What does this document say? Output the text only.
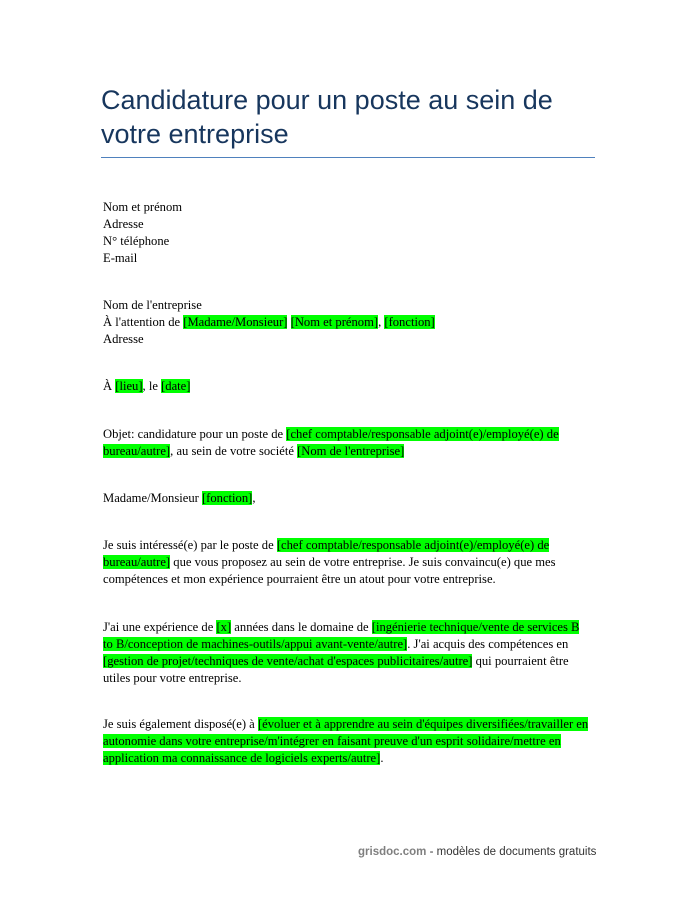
Candidature pour un poste au sein de votre entreprise
Nom et prénom
Adresse
N° téléphone
E-mail
Nom de l'entreprise
À l'attention de [Madame/Monsieur] [Nom et prénom], [fonction]
Adresse
À [lieu], le [date]
Objet: candidature pour un poste de [chef comptable/responsable adjoint(e)/employé(e) de bureau/autre], au sein de votre société [Nom de l'entreprise]
Madame/Monsieur [fonction],
Je suis intéressé(e) par le poste de [chef comptable/responsable adjoint(e)/employé(e) de bureau/autre] que vous proposez au sein de votre entreprise. Je suis convaincu(e) que mes compétences et mon expérience pourraient être un atout pour votre entreprise.
J'ai une expérience de [x] années dans le domaine de [ingénierie technique/vente de services B to B/conception de machines-outils/appui avant-vente/autre]. J'ai acquis des compétences en [gestion de projet/techniques de vente/achat d'espaces publicitaires/autre] qui pourraient être utiles pour votre entreprise.
Je suis également disposé(e) à [évoluer et à apprendre au sein d'équipes diversifiées/travailler en autonomie dans votre entreprise/m'intégrer en faisant preuve d'un esprit solidaire/mettre en application ma connaissance de logiciels experts/autre].
grisdoc.com - modèles de documents gratuits
